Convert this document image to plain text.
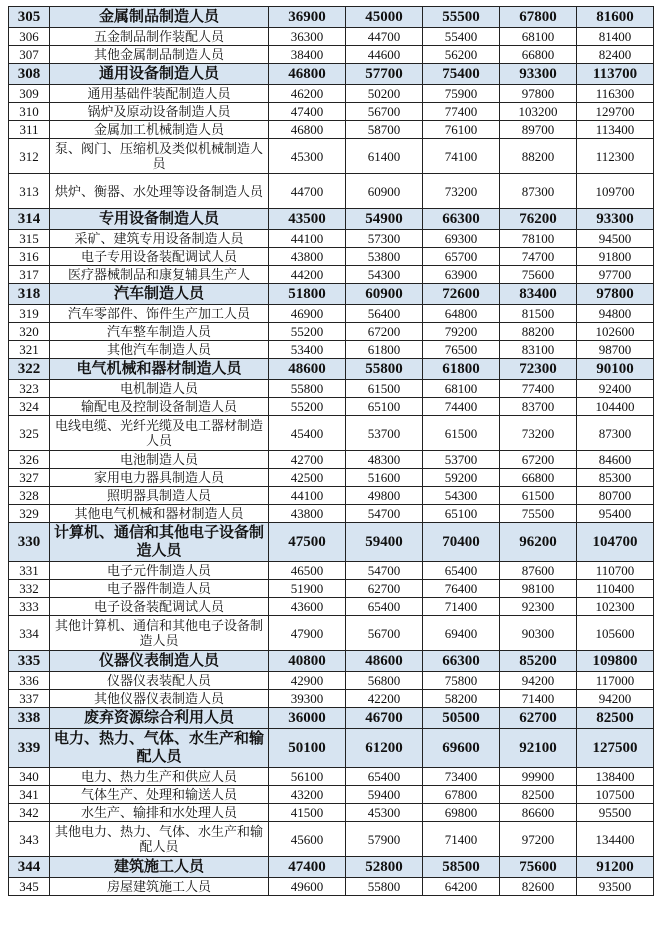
305	金属制品制造人员	36900	45000	55500	67800	81600
306	五金制品制作装配人员	36300	44700	55400	68100	81400
307	其他金属制品制造人员	38400	44600	56200	66800	82400
308	通用设备制造人员	46800	57700	75400	93300	113700
309	通用基础件装配制造人员	46200	50200	75900	97800	116300
310	锅炉及原动设备制造人员	47400	56700	77400	103200	129700
311	金属加工机械制造人员	46800	58700	76100	89700	113400
312	泵、阀门、压缩机及类似机械制造人员	45300	61400	74100	88200	112300
313	烘炉、衡器、水处理等设备制造人员	44700	60900	73200	87300	109700
314	专用设备制造人员	43500	54900	66300	76200	93300
315	采矿、建筑专用设备制造人员	44100	57300	69300	78100	94500
316	电子专用设备装配调试人员	43800	53800	65700	74700	91800
317	医疗器械制品和康复辅具生产人	44200	54300	63900	75600	97700
318	汽车制造人员	51800	60900	72600	83400	97800
319	汽车零部件、饰件生产加工人员	46900	56400	64800	81500	94800
320	汽车整车制造人员	55200	67200	79200	88200	102600
321	其他汽车制造人员	53400	61800	76500	83100	98700
322	电气机械和器材制造人员	48600	55800	61800	72300	90100
323	电机制造人员	55800	61500	68100	77400	92400
324	输配电及控制设备制造人员	55200	65100	74400	83700	104400
325	电线电缆、光纤光缆及电工器材制造人员	45400	53700	61500	73200	87300
326	电池制造人员	42700	48300	53700	67200	84600
327	家用电力器具制造人员	42500	51600	59200	66800	85300
328	照明器具制造人员	44100	49800	54300	61500	80700
329	其他电气机械和器材制造人员	43800	54700	65100	75500	95400
330	计算机、通信和其他电子设备制造人员	47500	59400	70400	96200	104700
331	电子元件制造人员	46500	54700	65400	87600	110700
332	电子器件制造人员	51900	62700	76400	98100	110400
333	电子设备装配调试人员	43600	65400	71400	92300	102300
334	其他计算机、通信和其他电子设备制造人员	47900	56700	69400	90300	105600
335	仪器仪表制造人员	40800	48600	66300	85200	109800
336	仪器仪表装配人员	42900	56800	75800	94200	117000
337	其他仪器仪表制造人员	39300	42200	58200	71400	94200
338	废弃资源综合利用人员	36000	46700	50500	62700	82500
339	电力、热力、气体、水生产和输配人员	50100	61200	69600	92100	127500
340	电力、热力生产和供应人员	56100	65400	73400	99900	138400
341	气体生产、处理和输送人员	43200	59400	67800	82500	107500
342	水生产、输排和水处理人员	41500	45300	69800	86600	95500
343	其他电力、热力、气体、水生产和输配人员	45600	57900	71400	97200	134400
344	建筑施工人员	47400	52800	58500	75600	91200
345	房屋建筑施工人员	49600	55800	64200	82600	93500
